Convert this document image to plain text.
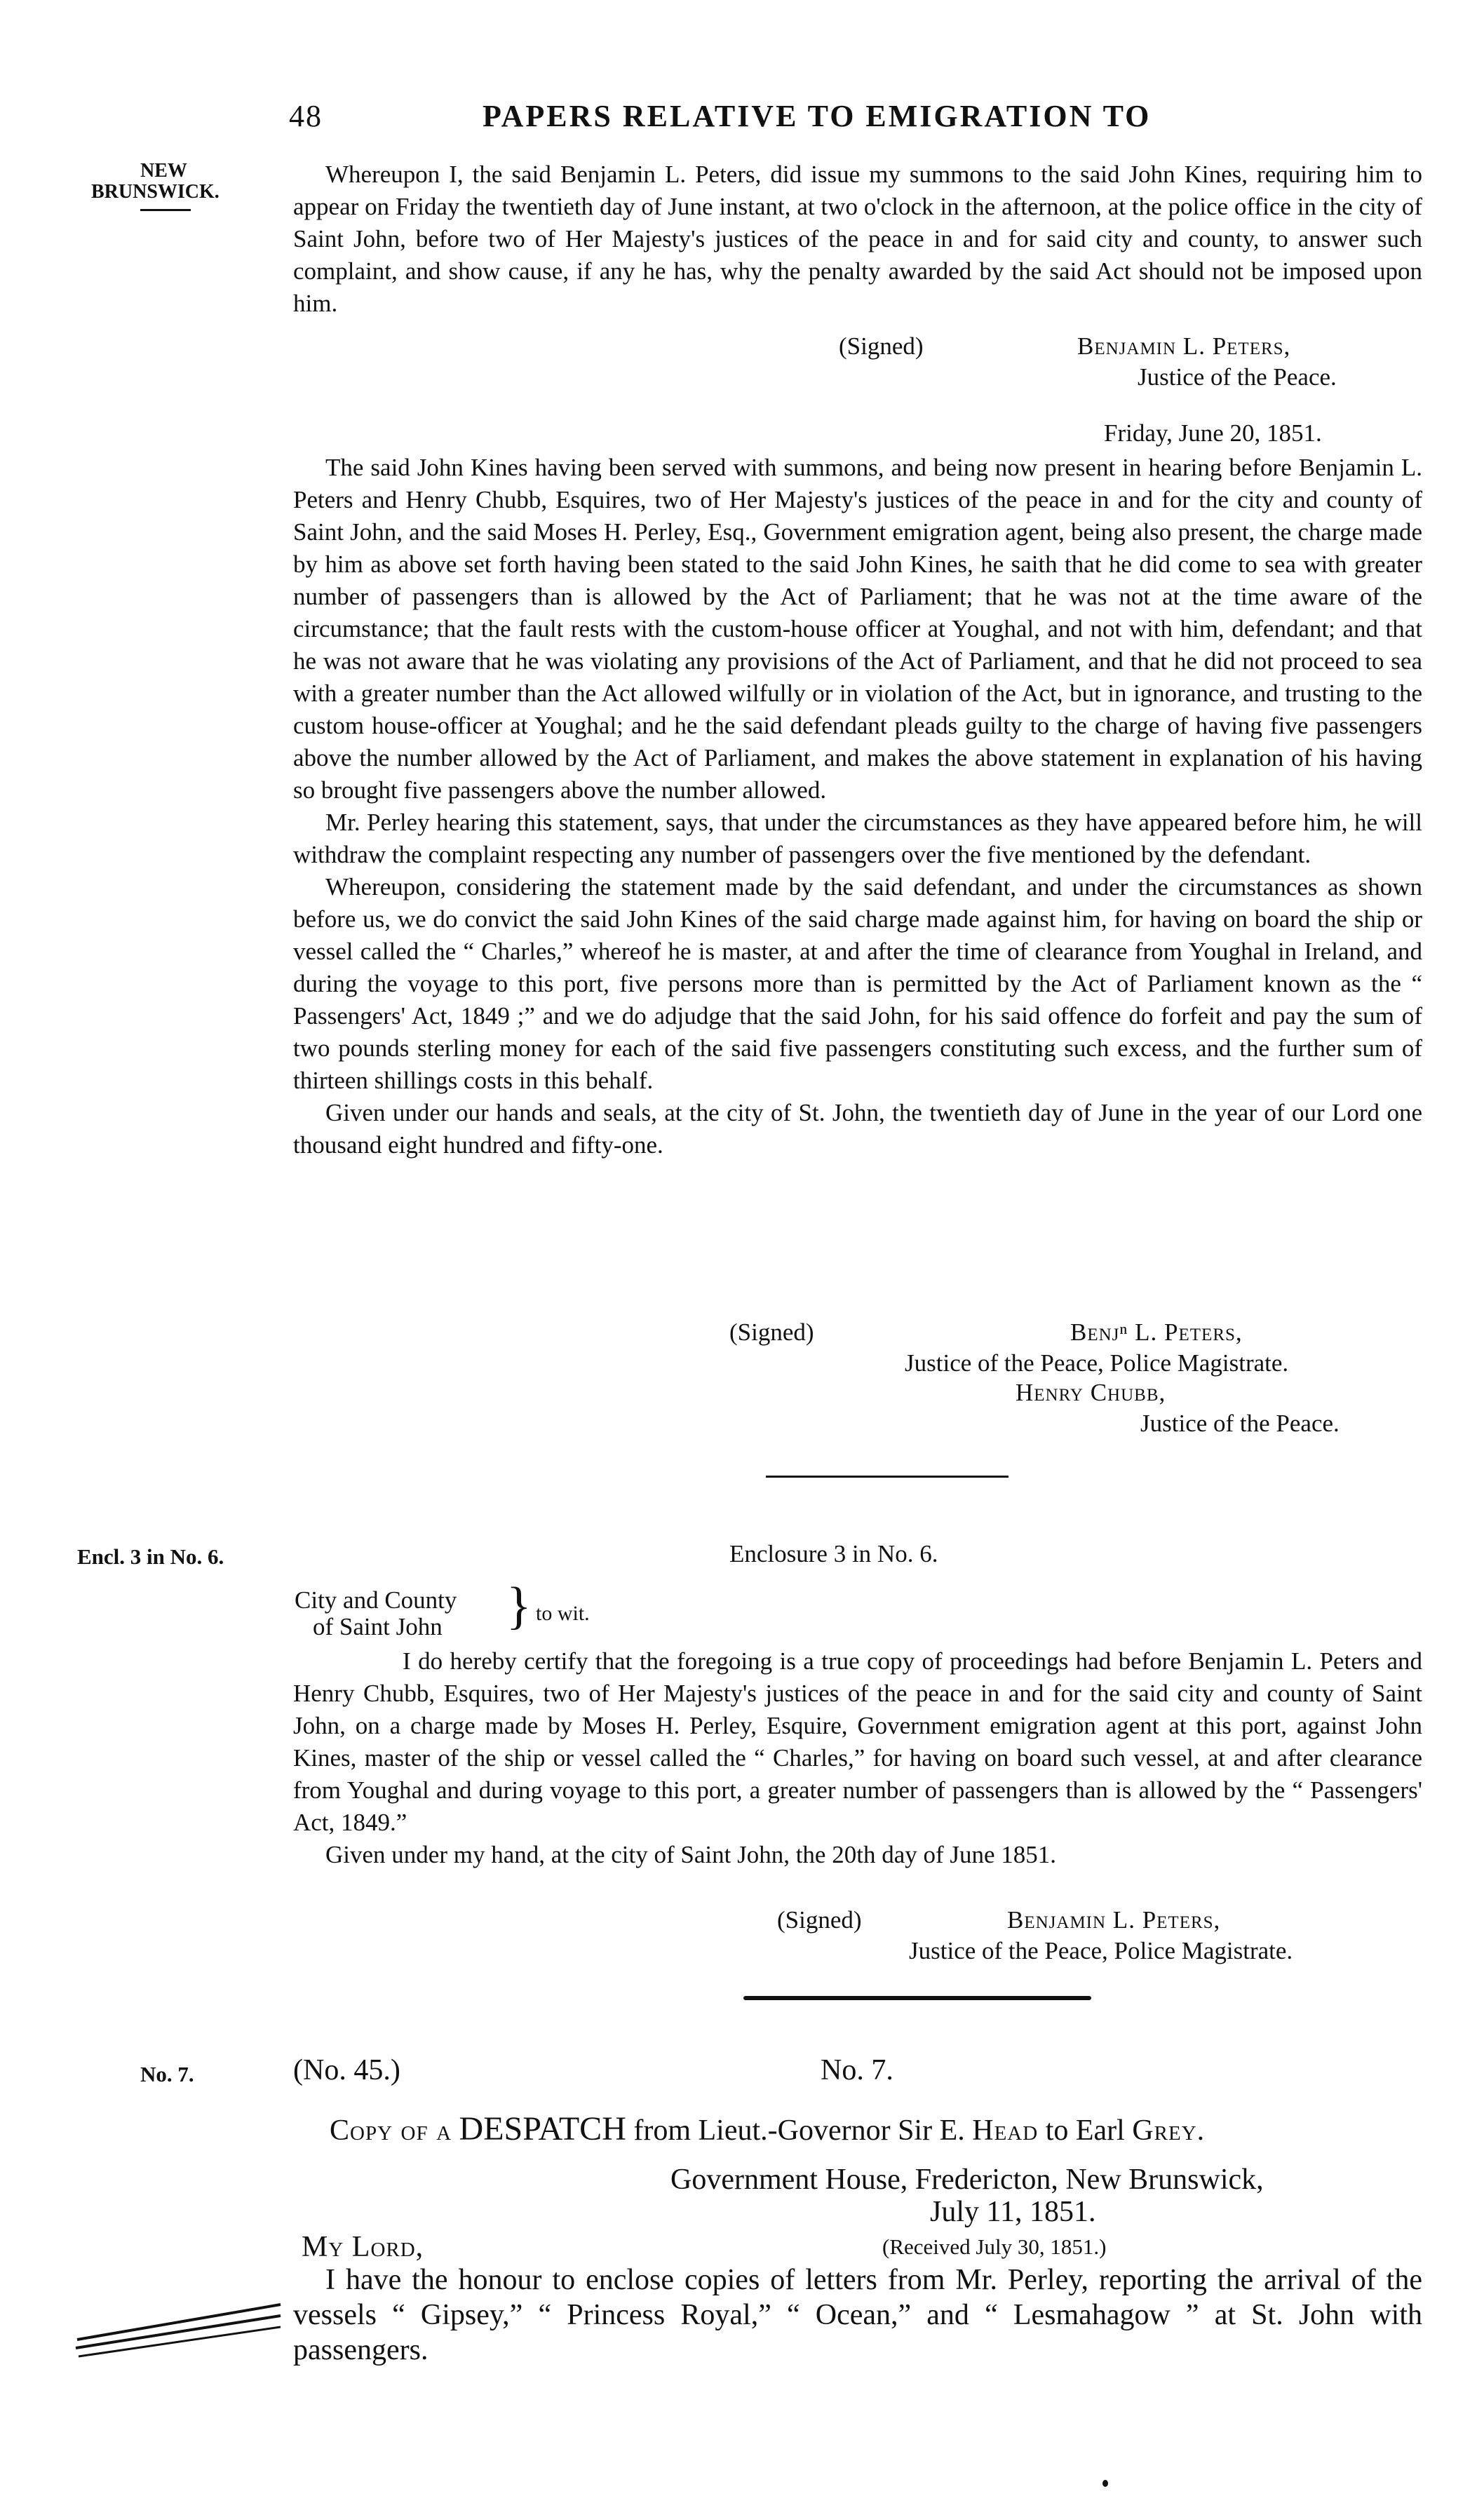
48	PAPERS RELATIVE TO EMIGRATION TO
NEW
BRUNSWICK.

Whereupon I, the said Benjamin L. Peters, did issue my summons to the said John Kines, requiring him to appear on Friday the twentieth day of June instant, at two o'clock in the afternoon, at the police office in the city of Saint John, before two of Her Majesty's justices of the peace in and for said city and county, to answer such complaint, and show cause, if any he has, why the penalty awarded by the said Act should not be imposed upon him.

(Signed)	Benjamin L. Peters,
Justice of the Peace.
Friday, June 20, 1851.

The said John Kines having been served with summons, and being now present in hearing before Benjamin L. Peters and Henry Chubb, Esquires, two of Her Majesty's justices of the peace in and for the city and county of Saint John, and the said Moses H. Perley, Esq., Government emigration agent, being also present, the charge made by him as above set forth having been stated to the said John Kines, he saith that he did come to sea with greater number of passengers than is allowed by the Act of Parliament; that he was not at the time aware of the circumstance; that the fault rests with the custom-house officer at Youghal, and not with him, defendant; and that he was not aware that he was violating any provisions of the Act of Parliament, and that he did not proceed to sea with a greater number than the Act allowed wilfully or in violation of the Act, but in ignorance, and trusting to the custom house-officer at Youghal; and he the said defendant pleads guilty to the charge of having five passengers above the number allowed by the Act of Parliament, and makes the above statement in explanation of his having so brought five passengers above the number allowed.

Mr. Perley hearing this statement, says, that under the circumstances as they have appeared before him, he will withdraw the complaint respecting any number of passengers over the five mentioned by the defendant.

Whereupon, considering the statement made by the said defendant, and under the circumstances as shown before us, we do convict the said John Kines of the said charge made against him, for having on board the ship or vessel called the “ Charles,” whereof he is master, at and after the time of clearance from Youghal in Ireland, and during the voyage to this port, five persons more than is permitted by the Act of Parliament known as the “ Passengers' Act, 1849 ;” and we do adjudge that the said John, for his said offence do forfeit and pay the sum of two pounds sterling money for each of the said five passengers constituting such excess, and the further sum of thirteen shillings costs in this behalf.

Given under our hands and seals, at the city of St. John, the twentieth day of June in the year of our Lord one thousand eight hundred and fifty-one.

(Signed)	Benjⁿ L. Peters,
Justice of the Peace, Police Magistrate.
Henry Chubb,
Justice of the Peace.
Encl. 3 in No. 6.	Enclosure 3 in No. 6.
City and County
of Saint John } to wit.

I do hereby certify that the foregoing is a true copy of proceedings had before Benjamin L. Peters and Henry Chubb, Esquires, two of Her Majesty's justices of the peace in and for the said city and county of Saint John, on a charge made by Moses H. Perley, Esquire, Government emigration agent at this port, against John Kines, master of the ship or vessel called the “ Charles,” for having on board such vessel, at and after clearance from Youghal and during voyage to this port, a greater number of passengers than is allowed by the “ Passengers' Act, 1849.”

Given under my hand, at the city of Saint John, the 20th day of June 1851.

(Signed)	Benjamin L. Peters,
Justice of the Peace, Police Magistrate.
No. 7.	(No. 45.)	No. 7.
Copy of a DESPATCH from Lieut.-Governor Sir E. Head to Earl Grey.
Government House, Fredericton, New Brunswick,
July 11, 1851.
My Lord,	(Received July 30, 1851.)

I have the honour to enclose copies of letters from Mr. Perley, reporting the arrival of the vessels “ Gipsey,” “ Princess Royal,” “ Ocean,” and “ Lesmahagow ” at St. John with passengers.
